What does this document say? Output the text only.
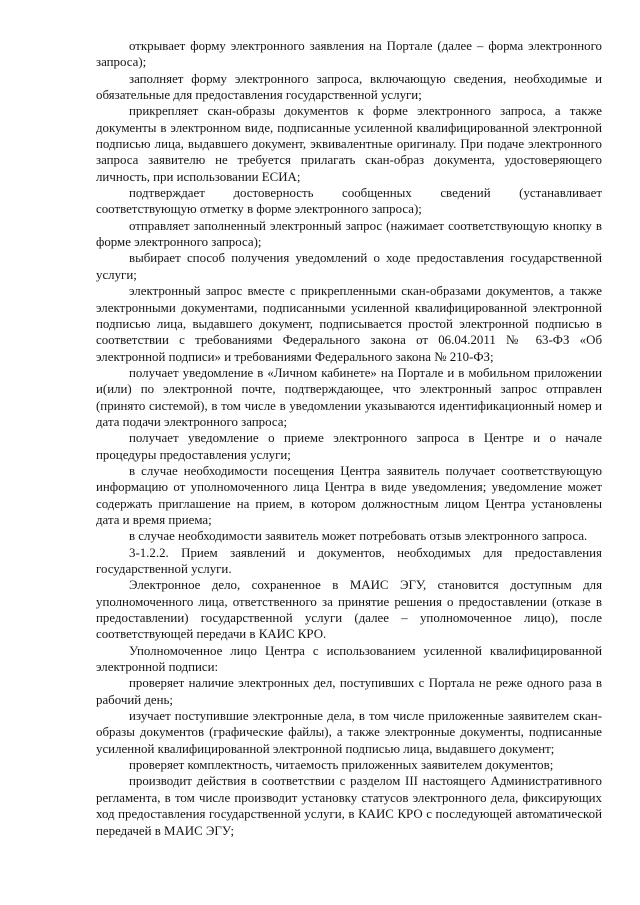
открывает форму электронного заявления на Портале (далее – форма электронного запроса);

заполняет форму электронного запроса, включающую сведения, необходимые и обязательные для предоставления государственной услуги;

прикрепляет скан-образы документов к форме электронного запроса, а также документы в электронном виде, подписанные усиленной квалифицированной электронной подписью лица, выдавшего документ, эквивалентные оригиналу. При подаче электронного запроса заявителю не требуется прилагать скан-образ документа, удостоверяющего личность, при использовании ЕСИА;

подтверждает достоверность сообщенных сведений (устанавливает соответствующую отметку в форме электронного запроса);

отправляет заполненный электронный запрос (нажимает соответствующую кнопку в форме электронного запроса);

выбирает способ получения уведомлений о ходе предоставления государственной услуги;

электронный запрос вместе с прикрепленными скан-образами документов, а также электронными документами, подписанными усиленной квалифицированной электронной подписью лица, выдавшего документ, подписывается простой электронной подписью в соответствии с требованиями Федерального закона от 06.04.2011 № 63-ФЗ «Об электронной подписи» и требованиями Федерального закона № 210-ФЗ;

получает уведомление в «Личном кабинете» на Портале и в мобильном приложении и(или) по электронной почте, подтверждающее, что электронный запрос отправлен (принято системой), в том числе в уведомлении указываются идентификационный номер и дата подачи электронного запроса;

получает уведомление о приеме электронного запроса в Центре и о начале процедуры предоставления услуги;

в случае необходимости посещения Центра заявитель получает соответствующую информацию от уполномоченного лица Центра в виде уведомления; уведомление может содержать приглашение на прием, в котором должностным лицом Центра установлены дата и время приема;

в случае необходимости заявитель может потребовать отзыв электронного запроса.

3-1.2.2. Прием заявлений и документов, необходимых для предоставления государственной услуги.

Электронное дело, сохраненное в МАИС ЭГУ, становится доступным для уполномоченного лица, ответственного за принятие решения о предоставлении (отказе в предоставлении) государственной услуги (далее – уполномоченное лицо), после соответствующей передачи в КАИС КРО.

Уполномоченное лицо Центра с использованием усиленной квалифицированной электронной подписи:

проверяет наличие электронных дел, поступивших с Портала не реже одного раза в рабочий день;

изучает поступившие электронные дела, в том числе приложенные заявителем скан-образы документов (графические файлы), а также электронные документы, подписанные усиленной квалифицированной электронной подписью лица, выдавшего документ;

проверяет комплектность, читаемость приложенных заявителем документов;

производит действия в соответствии с разделом III настоящего Административного регламента, в том числе производит установку статусов электронного дела, фиксирующих ход предоставления государственной услуги, в КАИС КРО с последующей автоматической передачей в МАИС ЭГУ;
